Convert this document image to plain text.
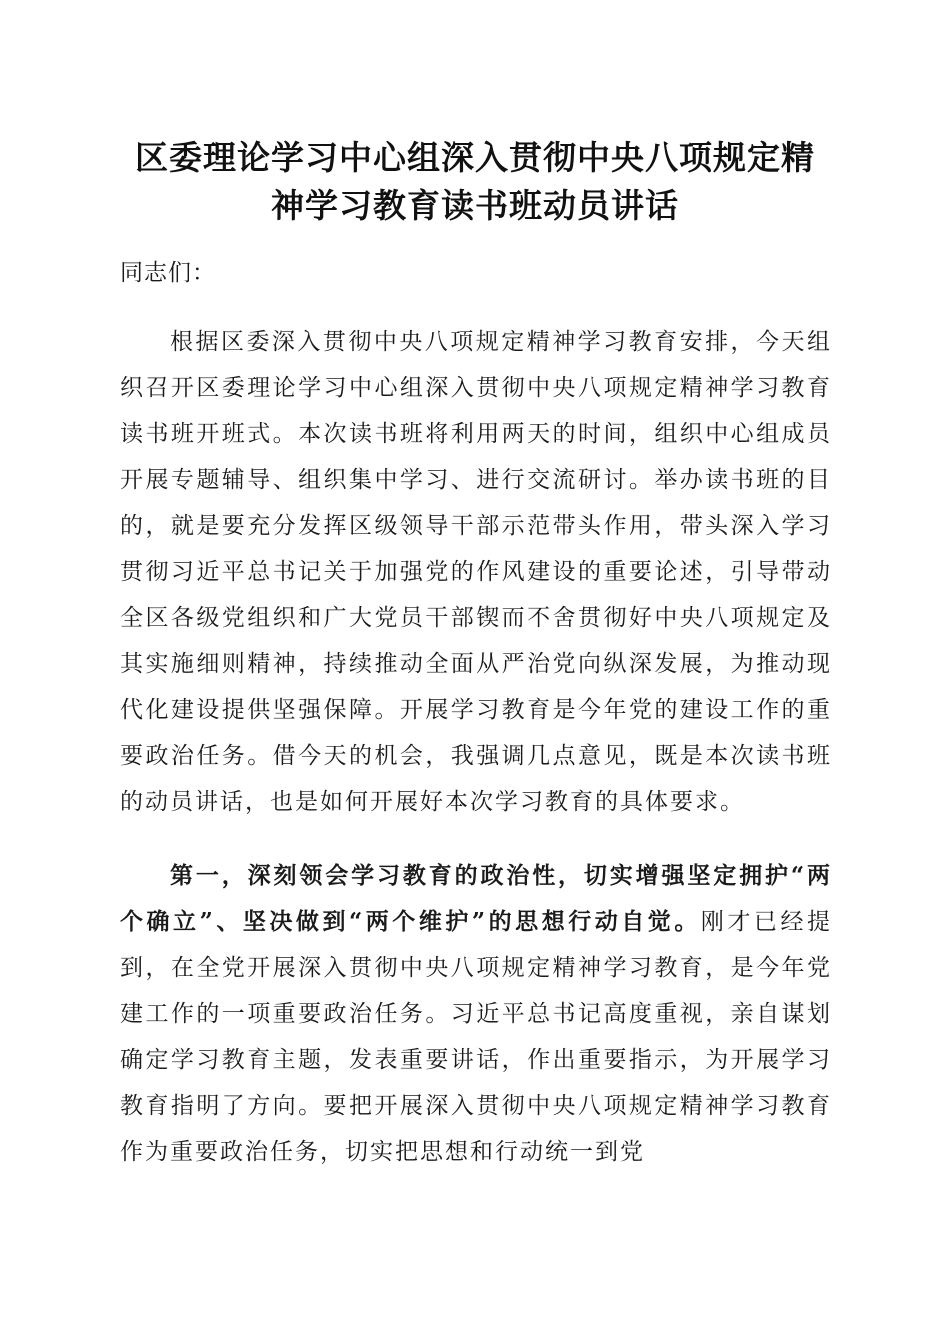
区委理论学习中心组深入贯彻中央八项规定精
神学习教育读书班动员讲话
同志们：

根据区委深入贯彻中央八项规定精神学习教育安排，今天组织召开区委理论学习中心组深入贯彻中央八项规定精神学习教育读书班开班式。本次读书班将利用两天的时间，组织中心组成员开展专题辅导、组织集中学习、进行交流研讨。举办读书班的目的，就是要充分发挥区级领导干部示范带头作用，带头深入学习贯彻习近平总书记关于加强党的作风建设的重要论述，引导带动全区各级党组织和广大党员干部锲而不舍贯彻好中央八项规定及其实施细则精神，持续推动全面从严治党向纵深发展，为推动现代化建设提供坚强保障。开展学习教育是今年党的建设工作的重要政治任务。借今天的机会，我强调几点意见，既是本次读书班的动员讲话，也是如何开展好本次学习教育的具体要求。

第一，深刻领会学习教育的政治性，切实增强坚定拥护“两个确立”、坚决做到“两个维护”的思想行动自觉。刚才已经提到，在全党开展深入贯彻中央八项规定精神学习教育，是今年党建工作的一项重要政治任务。习近平总书记高度重视，亲自谋划确定学习教育主题，发表重要讲话，作出重要指示，为开展学习教育指明了方向。要把开展深入贯彻中央八项规定精神学习教育作为重要政治任务，切实把思想和行动统一到党
